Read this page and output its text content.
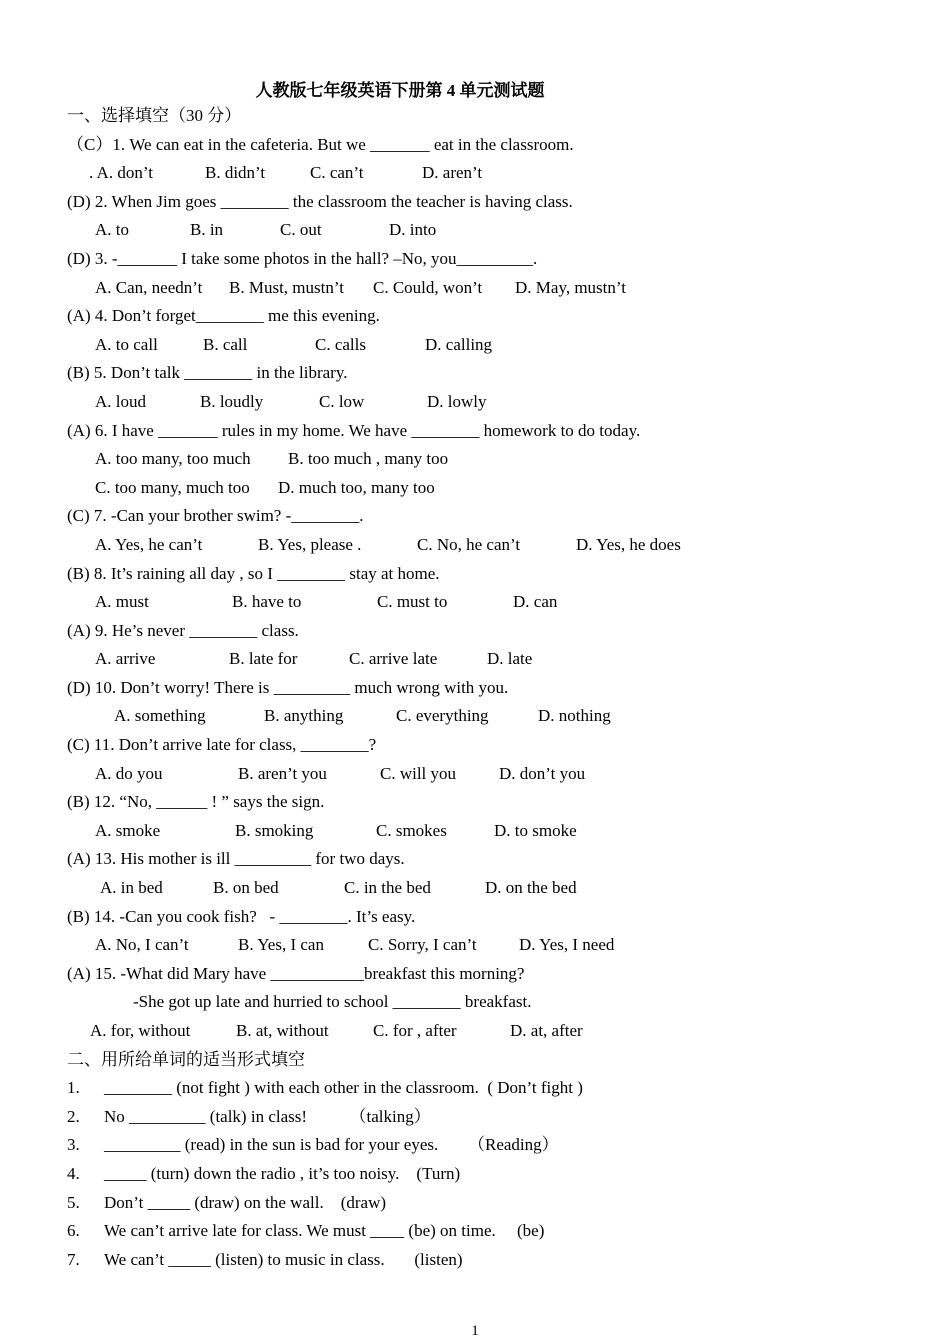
人教版七年级英语下册第 4 单元测试题
一、选择填空（30 分）
（C）1. We can eat in the cafeteria. But we _______ eat in the classroom.
. A. don’t	B. didn’t	C. can’t	D. aren’t
(D) 2. When Jim goes ________ the classroom the teacher is having class.
A. to	B. in	C. out	D. into
(D) 3. -_______ I take some photos in the hall? –No, you_________.
A. Can, needn’t	B. Must, mustn’t	C. Could, won’t	D. May, mustn’t
(A) 4. Don’t forget________ me this evening.
A. to call	B. call	C. calls	D. calling
(B) 5. Don’t talk ________ in the library.
A. loud	B. loudly	C. low	D. lowly
(A) 6. I have _______ rules in my home. We have ________ homework to do today.
A. too many, too much	B. too much , many too
C. too many, much too	D. much too, many too
(C) 7. -Can your brother swim? -________.
A. Yes, he can’t	B. Yes, please .	C. No, he can’t	D. Yes, he does
(B) 8. It’s raining all day , so I ________ stay at home.
A. must	B. have to	C. must to	D. can
(A) 9. He’s never ________ class.
A. arrive	B. late for	C. arrive late	D. late
(D) 10. Don’t worry! There is _________ much wrong with you.
A. something	B. anything	C. everything	D. nothing
(C) 11. Don’t arrive late for class, ________?
A. do you	B. aren’t you	C. will you	D. don’t you
(B) 12. “No, ______ ! ” says the sign.
A. smoke	B. smoking	C. smokes	D. to smoke
(A) 13. His mother is ill _________ for two days.
A. in bed	B. on bed	C. in the bed	D. on the bed
(B) 14. -Can you cook fish?   - ________. It’s easy.
A. No, I can’t	B. Yes, I can	C. Sorry, I can’t	D. Yes, I need
(A) 15. -What did Mary have ___________breakfast this morning?
-She got up late and hurried to school ________ breakfast.
A. for, without	B. at, without	C. for , after	D. at, after
二、用所给单词的适当形式填空
1. ________ (not fight ) with each other in the classroom.  ( Don’t fight )
2. No _________ (talk) in class!          （talking）
3. _________ (read) in the sun is bad for your eyes.       （Reading）
4. _____ (turn) down the radio , it’s too noisy.    (Turn)
5. Don’t _____ (draw) on the wall.    (draw)
6. We can’t arrive late for class. We must ____ (be) on time.     (be)
7. We can’t _____ (listen) to music in class.       (listen)
1
